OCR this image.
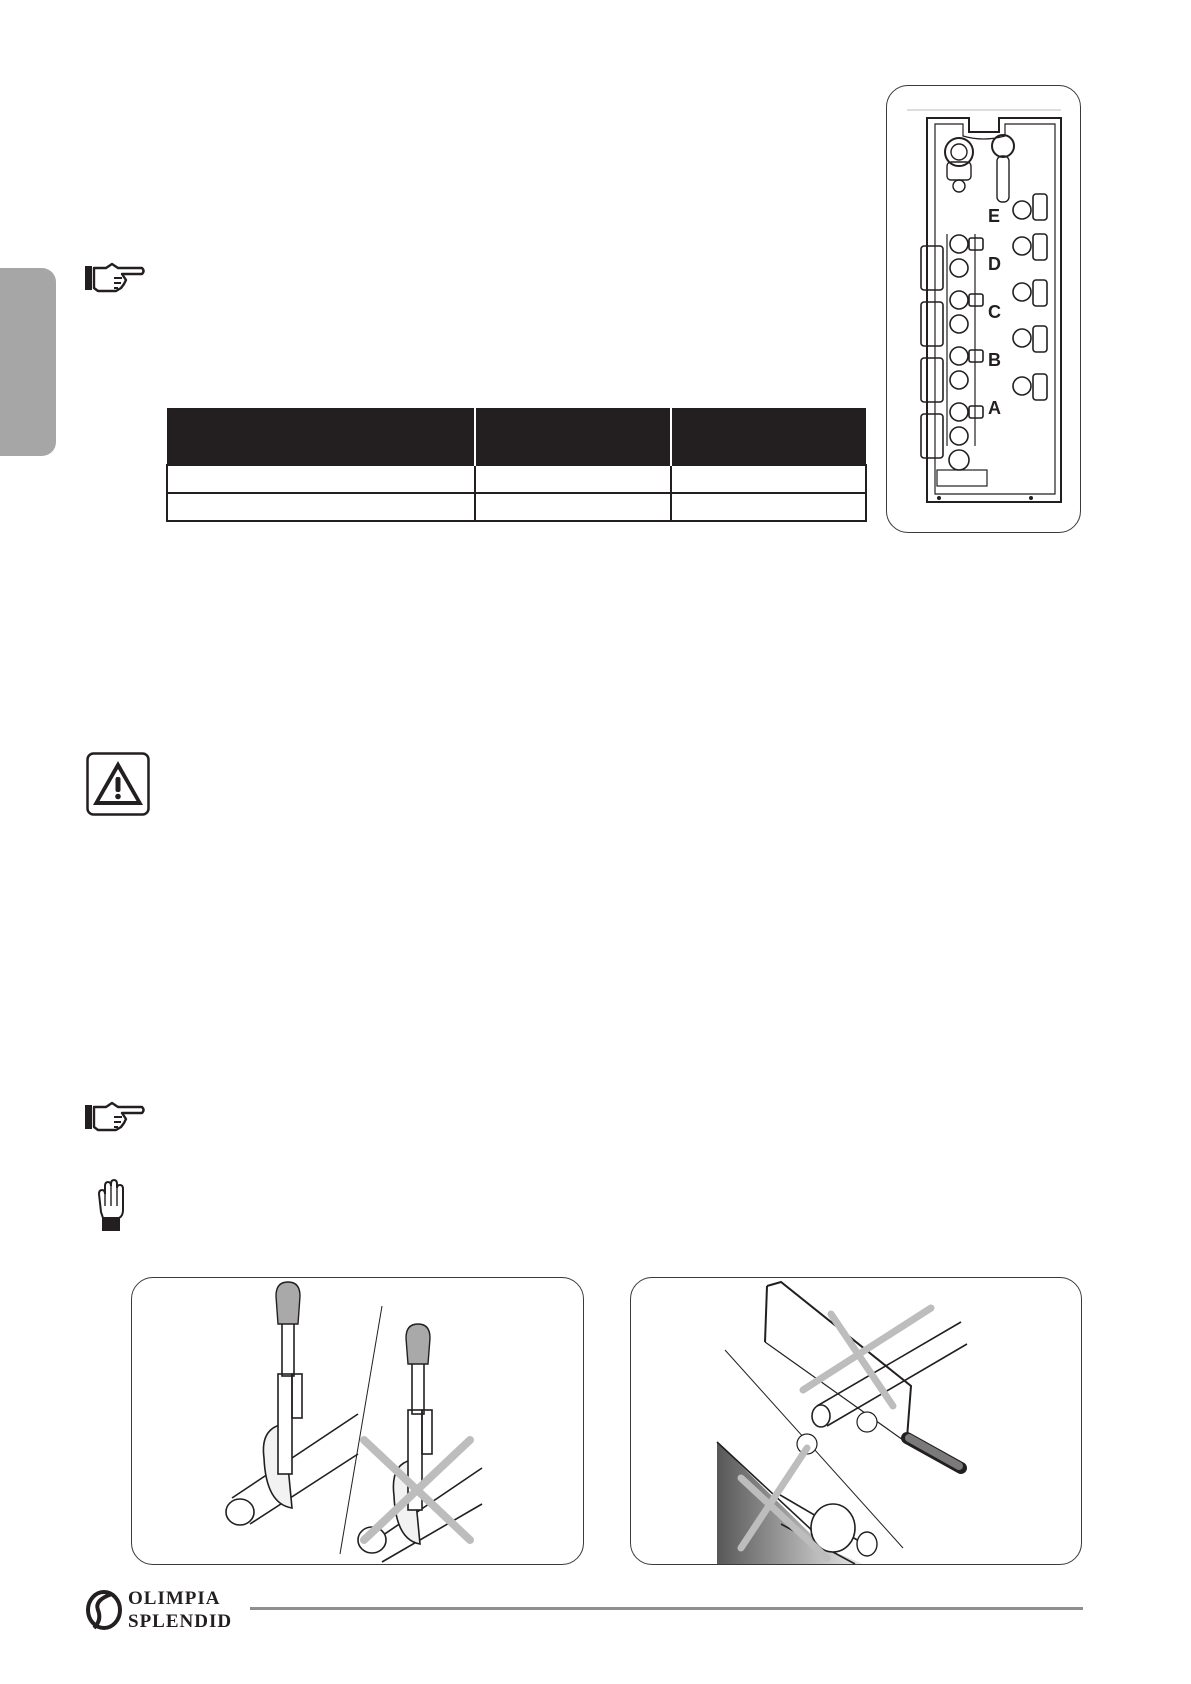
E
D
C
B
A
OLIMPIA
SPLENDID
